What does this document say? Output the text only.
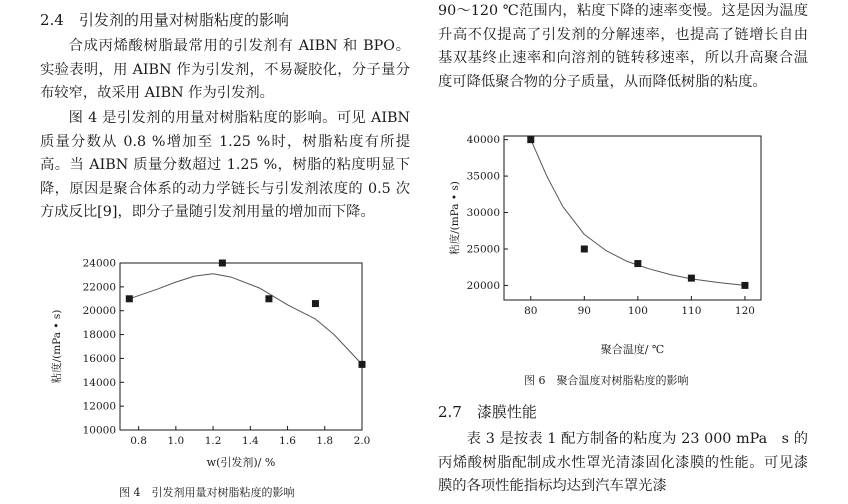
2.4　引发剂的用量对树脂粘度的影响

合成丙烯酸树脂最常用的引发剂有 AIBN 和 BPO。实验表明，用 AIBN 作为引发剂，不易凝胶化，分子量分布较窄，故采用 AIBN 作为引发剂。

图 4 是引发剂的用量对树脂粘度的影响。可见 AIBN 质量分数从 0.8 %增加至 1.25 %时，树脂粘度有所提高。当 AIBN 质量分数超过 1.25 %，树脂的粘度明显下降，原因是聚合体系的动力学链长与引发剂浓度的 0.5 次方成反比[9]，即分子量随引发剂用量的增加而下降。

0.8 1.0 1.2 1.4 1.6 1.8 2.0
10000
12000
14000
16000
18000
20000
22000
24000
w(引发剂)/ %
粘度/(mPa • s)
图 4　引发剂用量对树脂粘度的影响

90～120 ℃范围内，粘度下降的速率变慢。这是因为温度升高不仅提高了引发剂的分解速率，也提高了链增长自由基双基终止速率和向溶剂的链转移速率，所以升高聚合温度可降低聚合物的分子质量，从而降低树脂的粘度。

80	90	100	110	120
20000
25000
30000
35000
40000
聚合温度/ ℃
粘度/(mPa • s)
图 6　聚合温度对树脂粘度的影响
2.7　漆膜性能

表 3 是按表 1 配方制备的粘度为 23 000 mPa　s 的丙烯酸树脂配制成水性罩光清漆固化漆膜的性能。可见漆膜的各项性能指标均达到汽车罩光漆
